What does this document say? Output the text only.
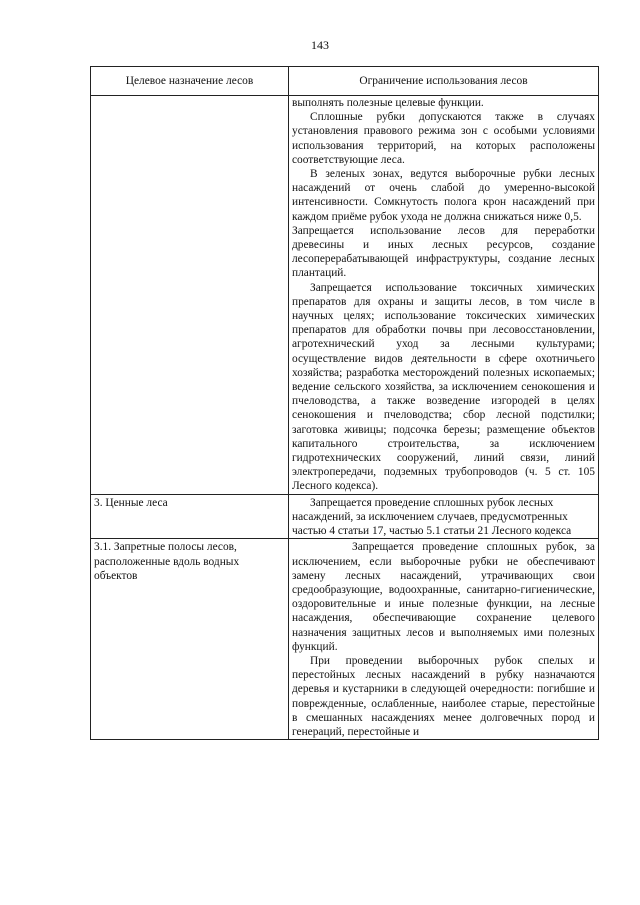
143
Целевое назначение лесов	Ограничение использования лесов

	выполнять полезные целевые функции.

Сплошные рубки допускаются также в случаях установления правового режима зон с особыми условиями использования территорий, на которых расположены соответствующие леса.

В зеленых зонах, ведутся выборочные рубки лесных насаждений от очень слабой до умеренно-высокой интенсивности. Сомкнутость полога крон насаждений при каждом приёме рубок ухода не должна снижаться ниже 0,5.

Запрещается использование лесов для переработки древесины и иных лесных ресурсов, создание лесоперерабатывающей инфраструктуры, создание лесных плантаций.

Запрещается использование токсичных химических препаратов для охраны и защиты лесов, в том числе в научных целях; использование токсических химических препаратов для обработки почвы при лесовосстановлении, агротехнический уход за лесными культурами; осуществление видов деятельности в сфере охотничьего хозяйства; разработка месторождений полезных ископаемых; ведение сельского хозяйства, за исключением сенокошения и пчеловодства, а также возведение изгородей в целях сенокошения и пчеловодства; сбор лесной подстилки; заготовка живицы; подсочка березы; размещение объектов капитального строительства, за исключением гидротехнических сооружений, линий связи, линий электропередачи, подземных трубопроводов (ч. 5 ст. 105 Лесного кодекса).

3. Ценные леса	Запрещается проведение сплошных рубок лесных насаждений, за исключением случаев, предусмотренных частью 4 статьи 17, частью 5.1 статьи 21 Лесного кодекса

3.1. Запретные полосы лесов, расположенные вдоль водных объектов	Запрещается проведение сплошных рубок, за исключением, если выборочные рубки не обеспечивают замену лесных насаждений, утрачивающих свои средообразующие, водоохранные, санитарно-гигиенические, оздоровительные и иные полезные функции, на лесные насаждения, обеспечивающие сохранение целевого назначения защитных лесов и выполняемых ими полезных функций.

При проведении выборочных рубок спелых и перестойных лесных насаждений в рубку назначаются деревья и кустарники в следующей очередности: погибшие и поврежденные, ослабленные, наиболее старые, перестойные в смешанных насаждениях менее долговечных пород и генераций, перестойные и
